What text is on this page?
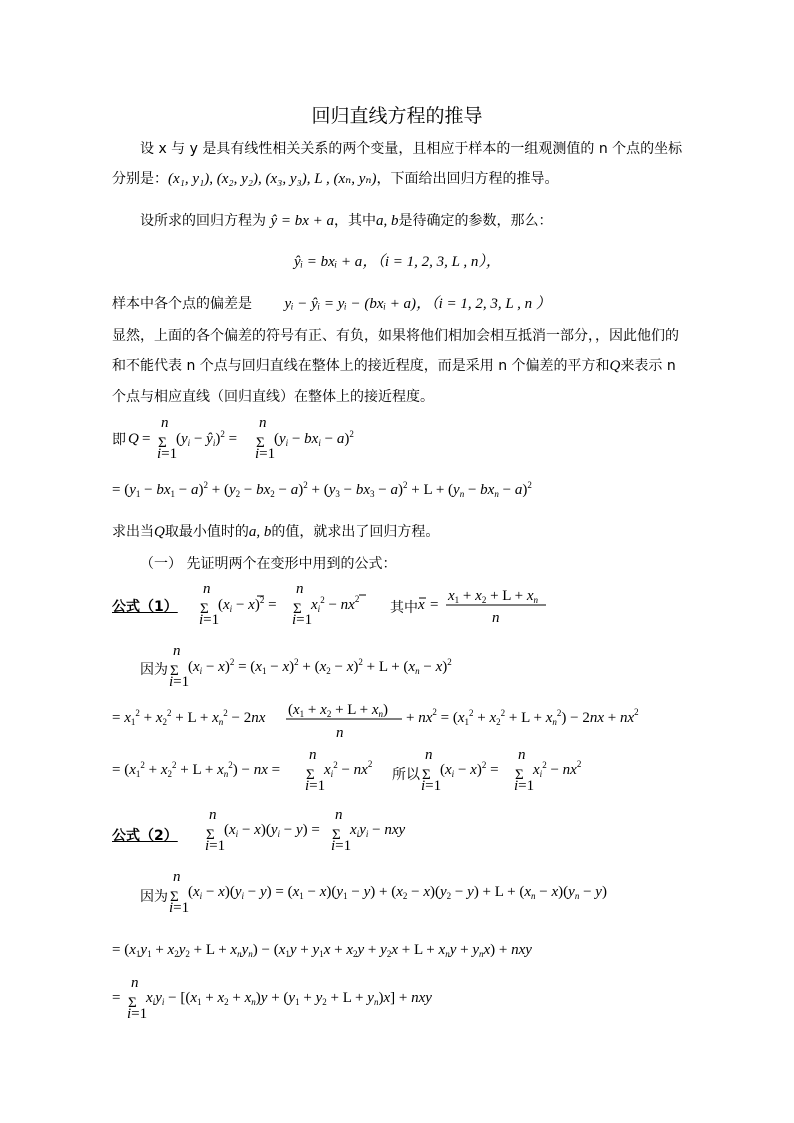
回归直线方程的推导
设 x 与 y 是具有线性相关关系的两个变量，且相应于样本的一组观测值的 n 个点的坐标
分别是：(x₁, y₁), (x₂, y₂), (x₃, y₃), L , (xₙ, yₙ)，下面给出回归方程的推导。
设所求的回归方程为 ŷ = bx + a，其中a, b是待确定的参数，那么：
ŷᵢ = bxᵢ + a，（i = 1, 2, 3, L , n），
样本中各个点的偏差是 yᵢ − ŷᵢ = yᵢ − (bxᵢ + a)，（i = 1, 2, 3, L , n ）
显然，上面的各个偏差的符号有正、有负，如果将他们相加会相互抵消一部分，，因此他们的
和不能代表 n 个点与回归直线在整体上的接近程度，而是采用 n 个偏差的平方和Q来表示 n
个点与相应直线（回归直线）在整体上的接近程度。
即 Q = Σ
n
i=1
($y_i$ − $ŷ_i)^2 = \Sigma$
n
i=1
$(y_i - bx_i - a)^2$
= $(y_1 - bx_1 - a)^2 + (y_2 - bx_2 - a)^2 + (y_3 - bx_3 - a)^2 + L + (y_n - bx_n - a)^2$
求出当Q取最小值时的a, b的值，就求出了回归方程。
（一） 先证明两个在变形中用到的公式：
公式（1） Σ
n
i=1
$(x_i - x)^2 = \Sigma$
n
i=1
$x_i^2 - nx^2$
其中 x =
$x_1 + x_2 + L + x_n$
n
因为 Σ
n
i=1
$(x_i - x)^2 = (x_1 - x)^2 + (x_2 - x)^2 + L + (x_n - x)^2$
= $x_1^2 + x_2^2 + L + x_n^2 - 2nx$ $(x_1 + x_2 + L + x_n)$
n
+ $nx^2 = (x_1^2 + x_2^2 + L + x_n^2) - 2nx + nx^2$
= $(x_1^2 + x_2^2 + L + x_n^2)$ − nx = Σ
n
i=1
$x_i^2 - nx^2$
所以 Σ
n
i=1
$(x_i - x)^2 = \Sigma$
n
i=1
$x_i^2 - nx^2$
公式（2） Σ
n
i=1
$(x_i - x)(y_i - y) = \Sigma$
n
i=1
$x_iy_i$ − nxy
因为 Σ
n
i=1
$(x_i - x)(y_i - y) = (x_1 - x)(y_1 - y) + (x_2 - x)(y_2 - y) + L + (x_n - x)(y_n - y)$
= $(x_1y_1 + x_2y_2 + L + x_ny_n) - (x_1y + y_1x + x_2y + y_2x + L + x_ny + y_nx)$ + nxy
= Σ
n
i=1
$x_iy_i - [(x_1 + x_2 + x_n)y + (y_1 + y_2 + L + y_n)x]$ + nxy
